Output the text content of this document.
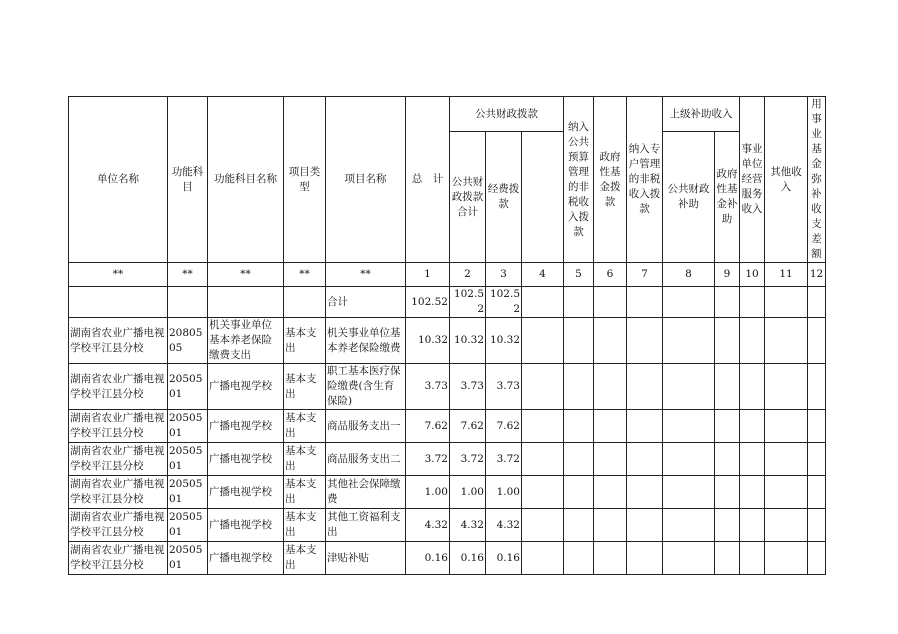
单位名称	功能科目	功能科目名称	项目类型	项目名称	总　计	公共财政拨款			纳入公共预算管理的非税收入拨款	政府性基金拨款	纳入专户管理的非税收入拨款	上级补助收入		事业单位经营服务收入	其他收入	用事业基金弥补收支差额	
						公共财政拨款合计	经费拨款					公共财政补助	政府性基金补助				
**	**	**	**	**	1	2	3	4	5	6	7	8	9	10	11	12	
				合计	102.52	102.52	102.52										
湖南省农业广播电视学校平江县分校	2080505	机关事业单位基本养老保险缴费支出	基本支出	机关事业单位基本养老保险缴费	10.32	10.32	10.32										
湖南省农业广播电视学校平江县分校	2050501	广播电视学校	基本支出	职工基本医疗保险缴费(含生育保险)	3.73	3.73	3.73										
湖南省农业广播电视学校平江县分校	2050501	广播电视学校	基本支出	商品服务支出一	7.62	7.62	7.62										
湖南省农业广播电视学校平江县分校	2050501	广播电视学校	基本支出	商品服务支出二	3.72	3.72	3.72										
湖南省农业广播电视学校平江县分校	2050501	广播电视学校	基本支出	其他社会保障缴费	1.00	1.00	1.00										
湖南省农业广播电视学校平江县分校	2050501	广播电视学校	基本支出	其他工资福利支出	4.32	4.32	4.32										
湖南省农业广播电视学校平江县分校	2050501	广播电视学校	基本支出	津贴补贴	0.16	0.16	0.16										
